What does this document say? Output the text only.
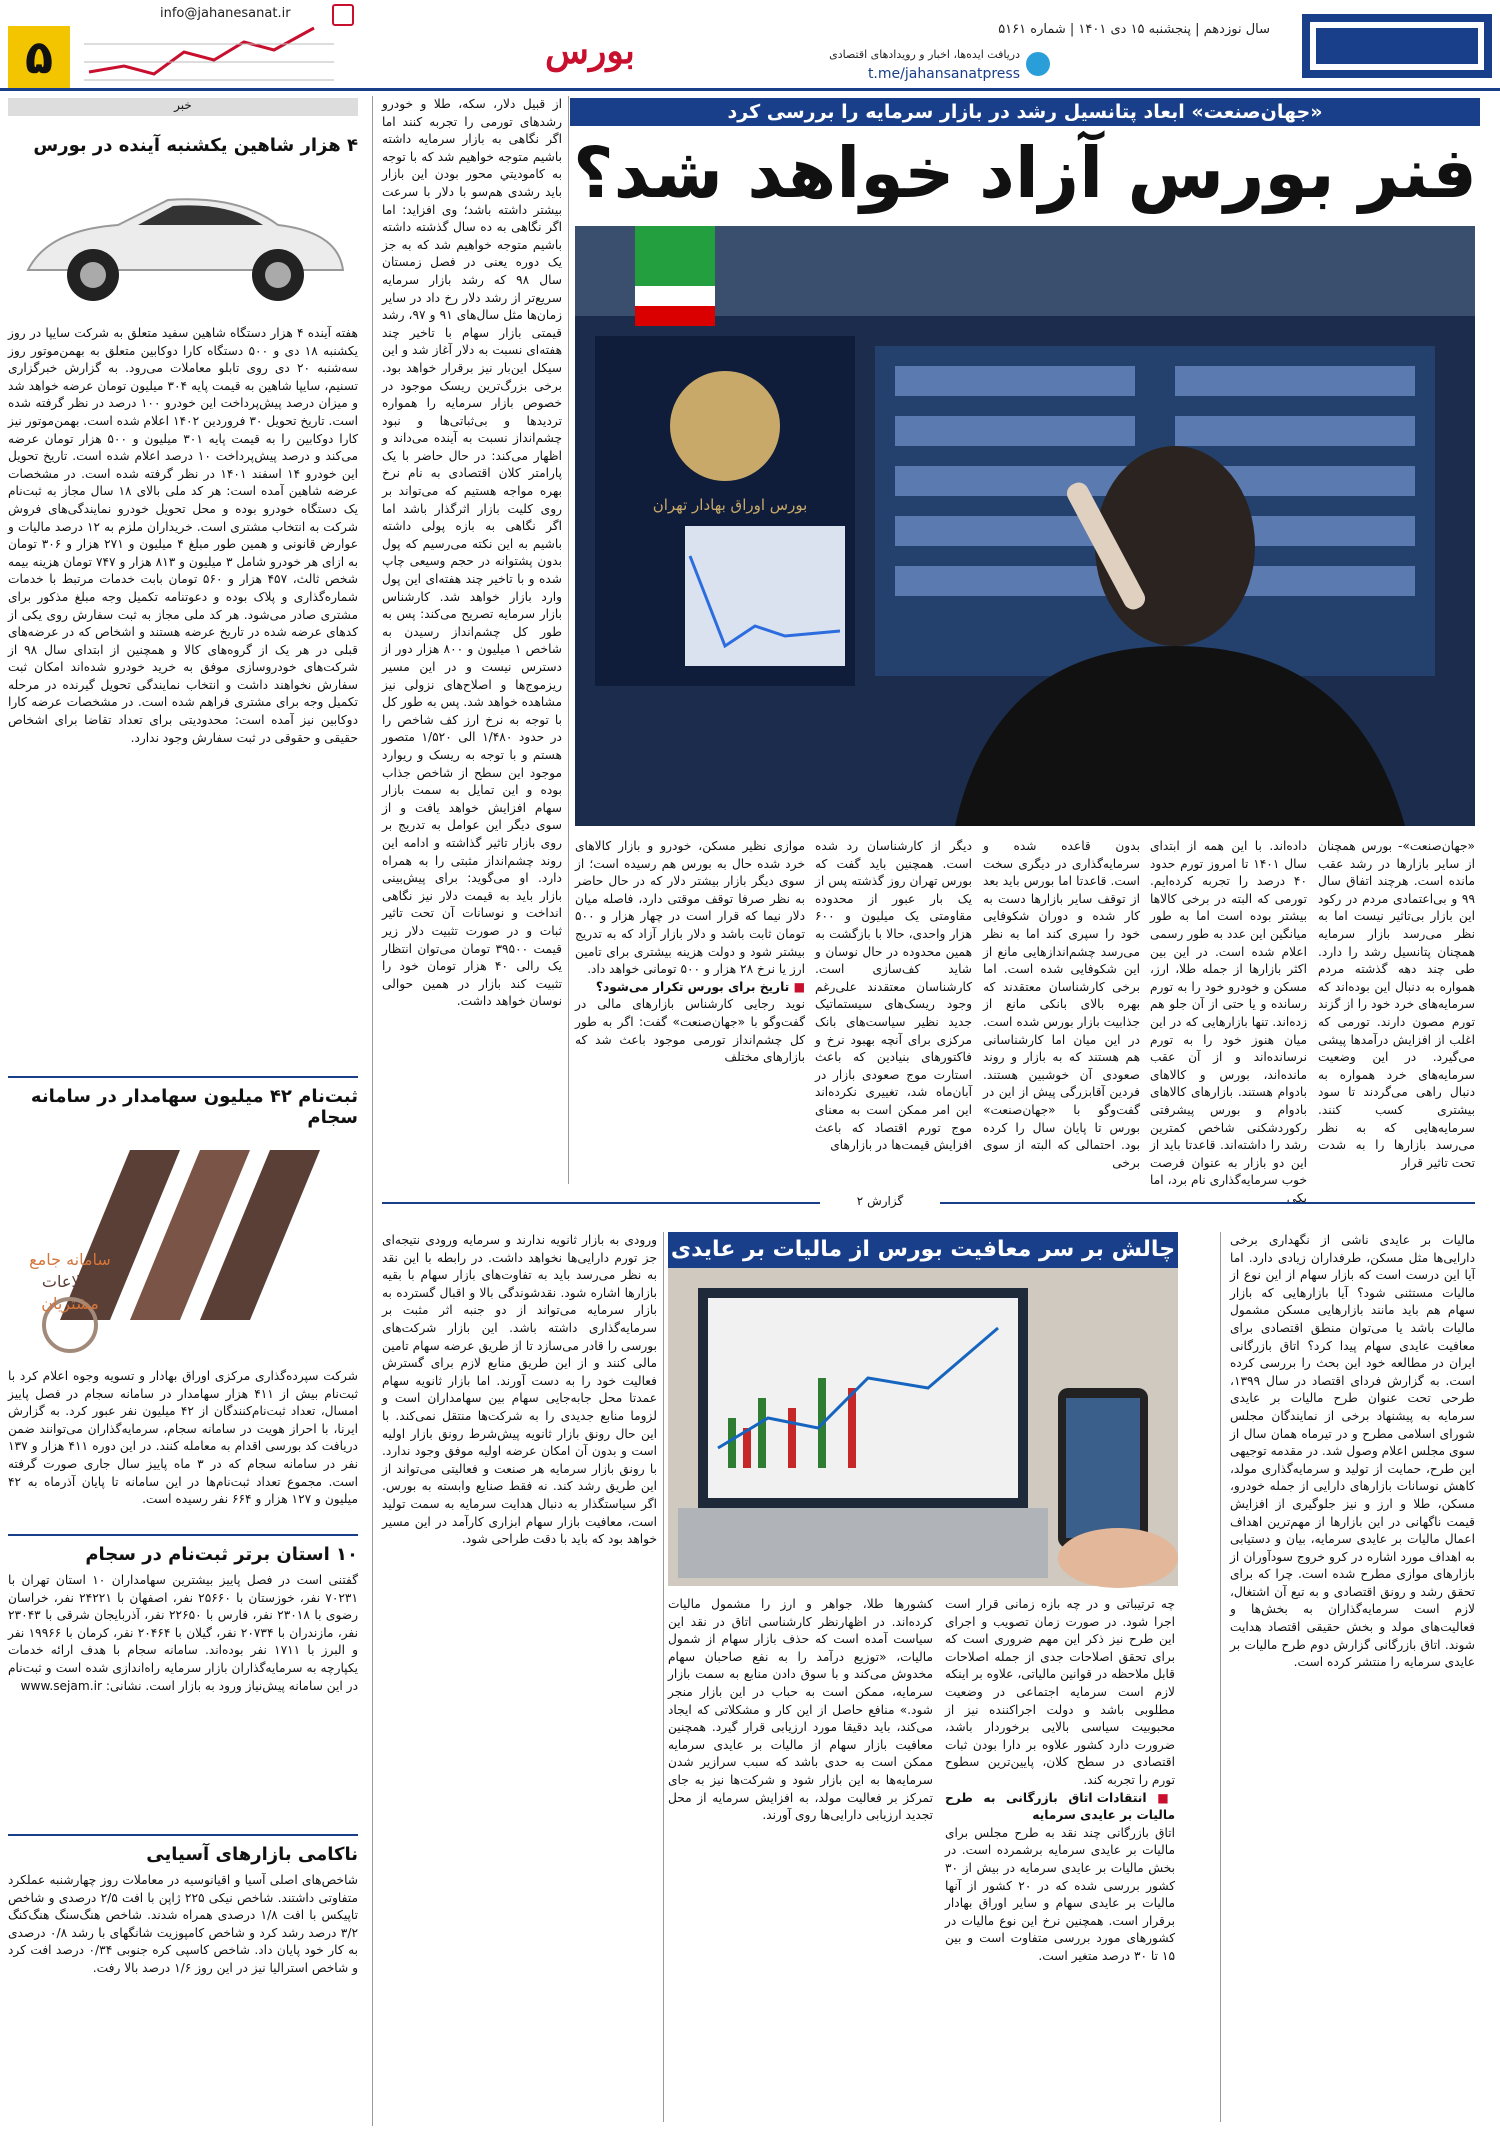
سال نوزدهم | پنجشنبه ۱۵ دی ۱۴۰۱ | شماره ۵۱۶۱
دریافت ایده‌ها، اخبار و رویدادهای اقتصادی
t.me/jahansanatpress
بورس
info@jahanesanat.ir
۵
«جهان‌صنعت» ابعاد پتانسیل رشد در بازار سرمایه را بررسی کرد
فنر بورس آزاد خواهد شد؟
بورس اوراق بهادار تهران
«جهان‌صنعت»- بورس همچنان از سایر بازارها در رشد عقب مانده است. هرچند اتفاق سال ۹۹ و بی‌اعتمادی مردم در رکود این بازار بی‌تاثیر نیست اما به نظر می‌رسد بازار سرمایه همچنان پتانسیل رشد را دارد. طی چند دهه گذشته مردم همواره به دنبال این بوده‌اند که سرمایه‌های خرد خود را از گزند تورم مصون دارند. تورمی که اغلب از افزایش درآمدها پیشی می‌گیرد. در این وضعیت سرمایه‌های خرد همواره به دنبال راهی می‌گردند تا سود بیشتری کسب کنند. سرمایه‌هایی که به نظر می‌رسد بازارها را به شدت تحت تاثیر قرار
داده‌اند. با این همه از ابتدای سال ۱۴۰۱ تا امروز تورم حدود ۴۰ درصد را تجربه کرده‌ایم. تورمی که البته در برخی کالاها بیشتر بوده است اما به طور میانگین این عدد به طور رسمی اعلام شده است. در این بین اکثر بازارها از جمله طلا، ارز، مسکن و خودرو خود را به تورم رسانده و یا حتی از آن جلو هم زده‌اند. تنها بازارهایی که در این میان هنوز خود را به تورم نرسانده‌اند و از آن عقب مانده‌اند، بورس و کالاهای بادوام هستند. بازارهای کالاهای بادوام و بورس پیشرفتی رکوردشکنی شاخص کمترین رشد را داشته‌اند. قاعدتا باید از این دو بازار به عنوان فرصت خوب سرمایه‌گذاری نام برد، اما یکی
بدون قاعده شده و سرمایه‌گذاری در دیگری سخت است. قاعدتا اما بورس باید بعد از توقف سایر بازارها دست به کار شده و دوران شکوفایی خود را سپری کند اما به نظر می‌رسد چشم‌اندازهایی مانع از این شکوفایی شده است. اما برخی کارشناسان معتقدند که بهره بالای بانکی مانع از جذابیت بازار بورس شده است. در این میان اما کارشناسانی هم هستند که به بازار و روند صعودی آن خوشبین هستند. فردین آقابزرگی پیش از این در گفت‌وگو با «جهان‌صنعت» بورس تا پایان سال را کرده بود. احتمالی که البته از سوی برخی
دیگر از کارشناسان رد شده است. همچنین باید گفت که بورس تهران روز گذشته پس از یک بار عبور از محدوده مقاومتی یک میلیون و ۶۰۰ هزار واحدی، حالا با بازگشت به همین محدوده در حال نوسان و شاید کف‌سازی است. کارشناسان معتقدند علی‌رغم وجود ریسک‌های سیستماتیک جدید نظیر سیاست‌های بانک مرکزی برای آنچه بهبود نرخ و فاکتورهای بنیادین که باعث استارت موج صعودی بازار در آبان‌ماه شد، تغییری نکرده‌اند این امر ممکن است به معنای موج تورم اقتصاد که باعث افزایش قیمت‌ها در بازارهای
موازی نظیر مسکن، خودرو و بازار کالاهای خرد شده حال به بورس هم رسیده است؛ از سوی دیگر بازار بیشتر دلار که در حال حاضر به نظر صرفا توقف موقتی دارد، فاصله میان دلار نیما که قرار است در چهار هزار و ۵۰۰ تومان ثابت باشد و دلار بازار آزاد که به تدریج بیشتر شود و دولت هزینه بیشتری برای تامین ارز یا نرخ ۲۸ هزار و ۵۰۰ تومانی خواهد داد.
■ تاریخ برای بورس تکرار می‌شود؟
نوید رجایی کارشناس بازارهای مالی در گفت‌وگو با «جهان‌صنعت» گفت: اگر به طور کل چشم‌انداز تورمی موجود باعث شد که بازارهای مختلف
از قبیل دلار، سکه، طلا و خودرو رشدهای تورمی را تجربه کنند اما اگر نگاهی به بازار سرمایه داشته باشیم متوجه خواهیم شد که با توجه به کاموديتي محور بودن این بازار باید رشدی هم‌سو با دلار با سرعت بیشتر داشته باشد؛ وی افزاید: اما اگر نگاهی به ده سال گذشته داشته باشیم متوجه خواهیم شد که به جز یک دوره یعنی در فصل زمستان سال ۹۸ که رشد بازار سرمایه سریع‌تر از رشد دلار رخ داد در سایر زمان‌ها مثل سال‌های ۹۱ و ۹۷، رشد قیمتی بازار سهام با تاخیر چند هفته‌ای نسبت به دلار آغاز شد و این سیکل این‌بار نیز برقرار خواهد بود. برخی بزرگ‌ترین ریسک موجود در خصوص بازار سرمایه را همواره تردیدها و بی‌ثباتی‌ها و نبود چشم‌انداز نسبت به آینده می‌داند و اظهار می‌کند: در حال حاضر با یک پارامتر کلان اقتصادی به نام نرخ بهره مواجه هستیم که می‌تواند بر روی کلیت بازار اثرگذار باشد اما اگر نگاهی به بازه پولی داشته باشیم به این نکته می‌رسیم که پول بدون پشتوانه در حجم وسیعی چاپ شده و با تاخیر چند هفته‌ای این پول وارد بازار خواهد شد. کارشناس بازار سرمایه تصریح می‌کند: پس به طور کل چشم‌انداز رسیدن به شاخص ۱ میلیون و ۸۰۰ هزار دور از دسترس نیست و در این مسیر ریزموج‌ها و اصلاح‌های نزولی نیز مشاهده خواهد شد. پس به طور کل با توجه به نرخ ارز کف شاخص را در حدود ۱/۴۸۰ الی ۱/۵۲۰ متصور هستم و با توجه به ریسک و ریوارد موجود این سطح از شاخص جذاب بوده و این تمایل به سمت بازار سهام افزایش خواهد یافت و از سوی دیگر این عوامل به تدریج بر روی بازار تاثیر گذاشته و ادامه این روند چشم‌انداز مثبتی را به همراه دارد. او می‌گوید: برای پیش‌بینی بازار باید به قیمت دلار نیز نگاهی انداخت و نوسانات آن تحت تاثیر ثبات و در صورت تثبیت دلار زیر قیمت ۳۹۵۰۰ تومان می‌توان انتظار یک رالی ۴۰ هزار تومان خود را تثبیت کند بازار در همین حوالی نوسان خواهد داشت.
گزارش ۲
چالش بر سر معافیت بورس از مالیات بر عایدی	مالیات بر عایدی ناشی از نگهداری برخی دارایی‌ها مثل مسکن، طرفداران زیادی دارد. اما آیا این درست است که بازار سهام از این نوع از مالیات مستثنی شود؟ آیا بازارهایی که بازار سهام هم باید مانند بازارهایی مسکن مشمول مالیات باشد یا می‌توان منطق اقتصادی برای معافیت عایدی سهام پیدا کرد؟ اتاق بازرگانی ایران در مطالعه خود این بحث را بررسی کرده است. به گزارش فردای اقتصاد در سال ۱۳۹۹، طرحی تحت عنوان طرح مالیات بر عایدی سرمایه به پیشنهاد برخی از نمایندگان مجلس شورای اسلامی مطرح و در تیرماه همان سال از سوی مجلس اعلام وصول شد. در مقدمه توجیهی این طرح، حمایت از تولید و سرمایه‌گذاری مولد، کاهش نوسانات بازارهای دارایی از جمله خودرو، مسکن، طلا و ارز و نیز جلوگیری از افزایش قیمت ناگهانی در این بازارها از مهم‌ترین اهداف اعمال مالیات بر عایدی سرمایه، بیان و دستیابی به اهداف مورد اشاره در کرو خروج سودآوران از بازارهای موازی مطرح شده است. چرا که برای تحقق رشد و رونق اقتصادی و به تبع آن اشتغال، لازم است سرمایه‌گذاران به بخش‌ها و فعالیت‌های مولد و بخش حقیقی اقتصاد هدایت شوند. اتاق بازرگانی گزارش دوم طرح مالیات بر عایدی سرمایه را منتشر کرده است.
چه ترتیباتی و در چه بازه زمانی قرار است اجرا شود. در صورت زمان تصویب و اجرای این طرح نیز ذکر این مهم ضروری است که برای تحقق اصلاحات جدی از جمله اصلاحات قابل ملاحظه در قوانین مالیاتی، علاوه بر اینکه لازم است سرمایه اجتماعی در وضعیت مطلوبی باشد و دولت اجراکننده نیز از محبوبیت سیاسی بالایی برخوردار باشد، ضرورت دارد کشور علاوه بر دارا بودن ثبات اقتصادی در سطح کلان، پایین‌ترین سطوح تورم را تجربه کند.
■ انتقادات اتاق بازرگانی به طرح مالیات بر عایدی سرمایه
اتاق بازرگانی چند نقد به طرح مجلس برای مالیات بر عایدی سرمایه برشمرده است. در بخش مالیات بر عایدی سرمایه در بیش از ۳۰ کشور بررسی شده که در ۲۰ کشور از آنها مالیات بر عایدی سهام و سایر اوراق بهادار برقرار است. همچنین نرخ این نوع مالیات در کشورهای مورد بررسی متفاوت است و بین ۱۵ تا ۳۰ درصد متغیر است.
کشورها طلا، جواهر و ارز را مشمول مالیات کرده‌اند. در اظهارنظر کارشناسی اتاق در نقد این سیاست آمده است که حذف بازار سهام از شمول مالیات، «توزیع درآمد را به نفع صاحبان سهام مخدوش می‌کند و با سوق دادن منابع به سمت بازار سرمایه، ممکن است به حباب در این بازار منجر شود.» منافع حاصل از این کار و مشکلاتی که ایجاد می‌کند، باید دقیقا مورد ارزیابی قرار گیرد. همچنین معافیت بازار سهام از مالیات بر عایدی سرمایه ممکن است به حدی باشد که سبب سرازیر شدن سرمایه‌ها به این بازار شود و شرکت‌ها نیز به جای تمرکز بر فعالیت مولد، به افزایش سرمایه از محل تجدید ارزیابی دارایی‌ها روی آورند.
ورودی به بازار ثانویه ندارند و سرمایه ورودی نتیجه‌ای جز تورم دارایی‌ها نخواهد داشت. در رابطه با این نقد به نظر می‌رسد باید به تفاوت‌های بازار سهام با بقیه بازارها اشاره شود. نقدشوندگی بالا و اقبال گسترده به بازار سرمایه می‌تواند از دو جنبه اثر مثبت بر سرمایه‌گذاری داشته باشد. این بازار شرکت‌های بورسی را قادر می‌سازد تا از طریق عرضه سهام تامین مالی کنند و از این طریق منابع لازم برای گسترش فعالیت خود را به دست آورند. اما بازار ثانویه سهام عمدتا محل جابه‌جایی سهام بین سهامداران است و لزوما منابع جدیدی را به شرکت‌ها منتقل نمی‌کند. با این حال رونق بازار ثانویه پیش‌شرط رونق بازار اولیه است و بدون آن امکان عرضه اولیه موفق وجود ندارد. با رونق بازار سرمایه هر صنعت و فعالیتی می‌تواند از این طریق رشد کند. نه فقط صنایع وابسته به بورس. اگر سیاستگذار به دنبال هدایت سرمایه به سمت تولید است، معافیت بازار سهام ابزاری کارآمد در این مسیر خواهد بود که باید با دقت طراحی شود.
خبر
۴ هزار شاهین یکشنبه آینده در بورس
هفته آینده ۴ هزار دستگاه شاهین سفید متعلق به شرکت سایپا در روز یکشنبه ۱۸ دی و ۵۰۰ دستگاه کارا دوکابین متعلق به بهمن‌موتور روز سه‌شنبه ۲۰ دی روی تابلو معاملات می‌رود. به گزارش خبرگزاری تسنیم، سایپا شاهین به قیمت پایه ۳۰۴ میلیون تومان عرضه خواهد شد و میزان درصد پیش‌پرداخت این خودرو ۱۰۰ درصد در نظر گرفته شده است. تاریخ تحویل ۳۰ فروردین ۱۴۰۲ اعلام شده است. بهمن‌موتور نیز کارا دوکابین را به قیمت پایه ۳۰۱ میلیون و ۵۰۰ هزار تومان عرضه می‌کند و درصد پیش‌پرداخت ۱۰ درصد اعلام شده است. تاریخ تحویل این خودرو ۱۴ اسفند ۱۴۰۱ در نظر گرفته شده است. در مشخصات عرضه شاهین آمده است: هر کد ملی بالای ۱۸ سال مجاز به ثبت‌نام یک دستگاه خودرو بوده و محل تحویل خودرو نمایندگی‌های فروش شرکت به انتخاب مشتری است. خریداران ملزم به ۱۲ درصد مالیات و عوارض قانونی و همین طور مبلغ ۴ میلیون و ۲۷۱ هزار و ۳۰۶ تومان به ازای هر خودرو شامل ۳ میلیون و ۸۱۳ هزار و ۷۴۷ تومان هزینه بیمه شخص ثالث، ۴۵۷ هزار و ۵۶۰ تومان بابت خدمات مرتبط با خدمات شماره‌گذاری و پلاک بوده و دعوتنامه تکمیل وجه مبلغ مذکور برای مشتری صادر می‌شود. هر کد ملی مجاز به ثبت سفارش روی یکی از کدهای عرضه شده در تاریخ عرضه هستند و اشخاص که در عرضه‌های قبلی در هر یک از گروه‌های کالا و همچنین از ابتدای سال ۹۸ از شرکت‌های خودروسازی موفق به خرید خودرو شده‌اند امکان ثبت سفارش نخواهند داشت و انتخاب نمایندگی تحویل گیرنده در مرحله تکمیل وجه برای مشتری فراهم شده است. در مشخصات عرضه کارا دوکابین نیز آمده است: محدودیتی برای تعداد تقاضا برای اشخاص حقیقی و حقوقی در ثبت سفارش وجود ندارد.
ثبت‌نام ۴۲ میلیون سهامدار در سامانه سجام
سامانه جامع
اطلاعات
مشتریان
شرکت سپرده‌گذاری مرکزی اوراق بهادار و تسویه وجوه اعلام کرد با ثبت‌نام بیش از ۴۱۱ هزار سهامدار در سامانه سجام در فصل پاییز امسال، تعداد ثبت‌نام‌کنندگان از ۴۲ میلیون نفر عبور کرد. به گزارش ایرنا، با احراز هویت در سامانه سجام، سرمایه‌گذاران می‌توانند ضمن دریافت کد بورسی اقدام به معامله کنند. در این دوره ۴۱۱ هزار و ۱۳۷ نفر در سامانه سجام که در ۳ ماه پاییز سال جاری صورت گرفته است. مجموع تعداد ثبت‌نام‌ها در این سامانه تا پایان آذرماه به ۴۲ میلیون و ۱۲۷ هزار و ۶۶۴ نفر رسیده است.
۱۰ استان برتر ثبت‌نام در سجام
گفتنی است در فصل پاییز بیشترین سهامداران ۱۰ استان تهران با ۷۰۲۳۱ نفر، خوزستان با ۲۵۶۶۰ نفر، اصفهان با ۲۴۲۲۱ نفر، خراسان رضوی با ۲۳۰۱۸ نفر، فارس با ۲۲۶۵۰ نفر، آذربایجان شرقی با ۲۳۰۴۳ نفر، مازندران با ۲۰۷۳۴ نفر، گیلان با ۲۰۴۶۴ نفر، کرمان با ۱۹۹۶۶ نفر و البرز با ۱۷۱۱ نفر بوده‌اند. سامانه سجام با هدف ارائه خدمات یکپارچه به سرمایه‌گذاران بازار سرمایه راه‌اندازی شده است و ثبت‌نام در این سامانه پیش‌نیاز ورود به بازار است. نشانی: www.sejam.ir
ناکامی بازارهای آسیایی
شاخص‌های اصلی آسیا و اقیانوسیه در معاملات روز چهارشنبه عملکرد متفاوتی داشتند. شاخص نیکی ۲۲۵ ژاپن با افت ۲/۵ درصدی و شاخص تاپیکس با افت ۱/۸ درصدی همراه شدند. شاخص هنگ‌سنگ هنگ‌کنگ ۳/۲ درصد رشد کرد و شاخص کامپوزیت شانگهای با رشد ۰/۸ درصدی به کار خود پایان داد. شاخص کاسپی کره جنوبی ۰/۳۴ درصد افت کرد و شاخص استرالیا نیز در این روز ۱/۶ درصد بالا رفت.
